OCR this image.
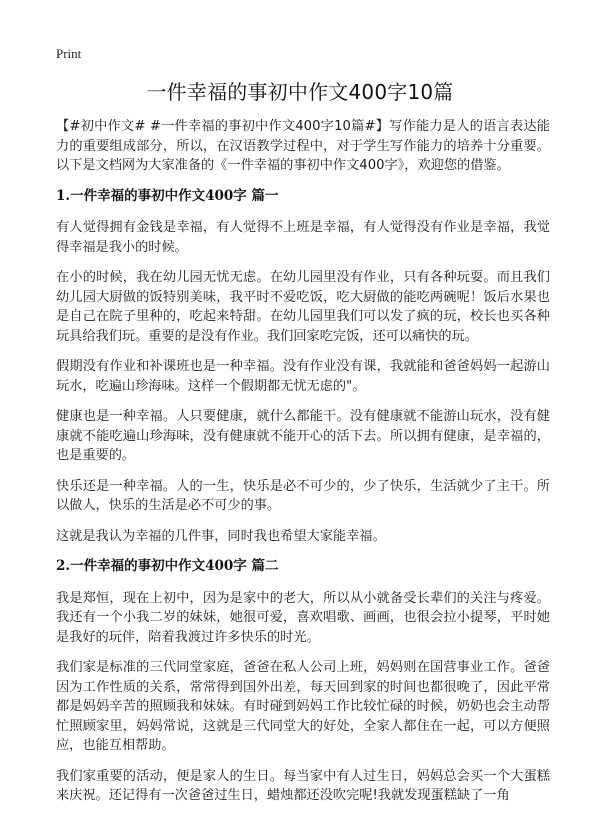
Print
一件幸福的事初中作文400字10篇

【#初中作文# #一件幸福的事初中作文400字10篇#】写作能力是人的语言表达能力的重要组成部分，所以，在汉语教学过程中，对于学生写作能力的培养十分重要。以下是文档网为大家准备的《一件幸福的事初中作文400字》，欢迎您的借鉴。

1.一件幸福的事初中作文400字 篇一

有人觉得拥有金钱是幸福，有人觉得不上班是幸福，有人觉得没有作业是幸福，我觉得幸福是我小的时候。

在小的时候，我在幼儿园无忧无虑。在幼儿园里没有作业，只有各种玩耍。而且我们幼儿园大厨做的饭特别美味，我平时不爱吃饭，吃大厨做的能吃两碗呢！饭后水果也是自己在院子里种的，吃起来特甜。在幼儿园里我们可以发了疯的玩，校长也买各种玩具给我们玩。重要的是没有作业。我们回家吃完饭，还可以痛快的玩。

假期没有作业和补课班也是一种幸福。没有作业没有课，我就能和爸爸妈妈一起游山玩水，吃遍山珍海味。这样一个假期都无忧无虑的"。

健康也是一种幸福。人只要健康，就什么都能干。没有健康就不能游山玩水，没有健康就不能吃遍山珍海味，没有健康就不能开心的活下去。所以拥有健康，是幸福的，也是重要的。

快乐还是一种幸福。人的一生，快乐是必不可少的，少了快乐，生活就少了主干。所以做人，快乐的生活是必不可少的事。

这就是我认为幸福的几件事，同时我也希望大家能幸福。

2.一件幸福的事初中作文400字 篇二

我是郑恒，现在上初中，因为是家中的老大，所以从小就备受长辈们的关注与疼爱。我还有一个小我二岁的妹妹，她很可爱，喜欢唱歌、画画，也很会拉小提琴，平时她是我好的玩伴，陪着我渡过许多快乐的时光。

我们家是标准的三代同堂家庭，爸爸在私人公司上班，妈妈则在国营事业工作。爸爸因为工作性质的关系，常常得到国外出差，每天回到家的时间也都很晚了，因此平常都是妈妈辛苦的照顾我和妹妹。有时碰到妈妈工作比较忙碌的时候，奶奶也会主动帮忙照顾家里，妈妈常说，这就是三代同堂大的好处，全家人都住在一起，可以方便照应，也能互相帮助。

我们家重要的活动，便是家人的生日。每当家中有人过生日，妈妈总会买一个大蛋糕来庆祝。还记得有一次爸爸过生日，蜡烛都还没吹完呢!我就发现蛋糕缺了一角
